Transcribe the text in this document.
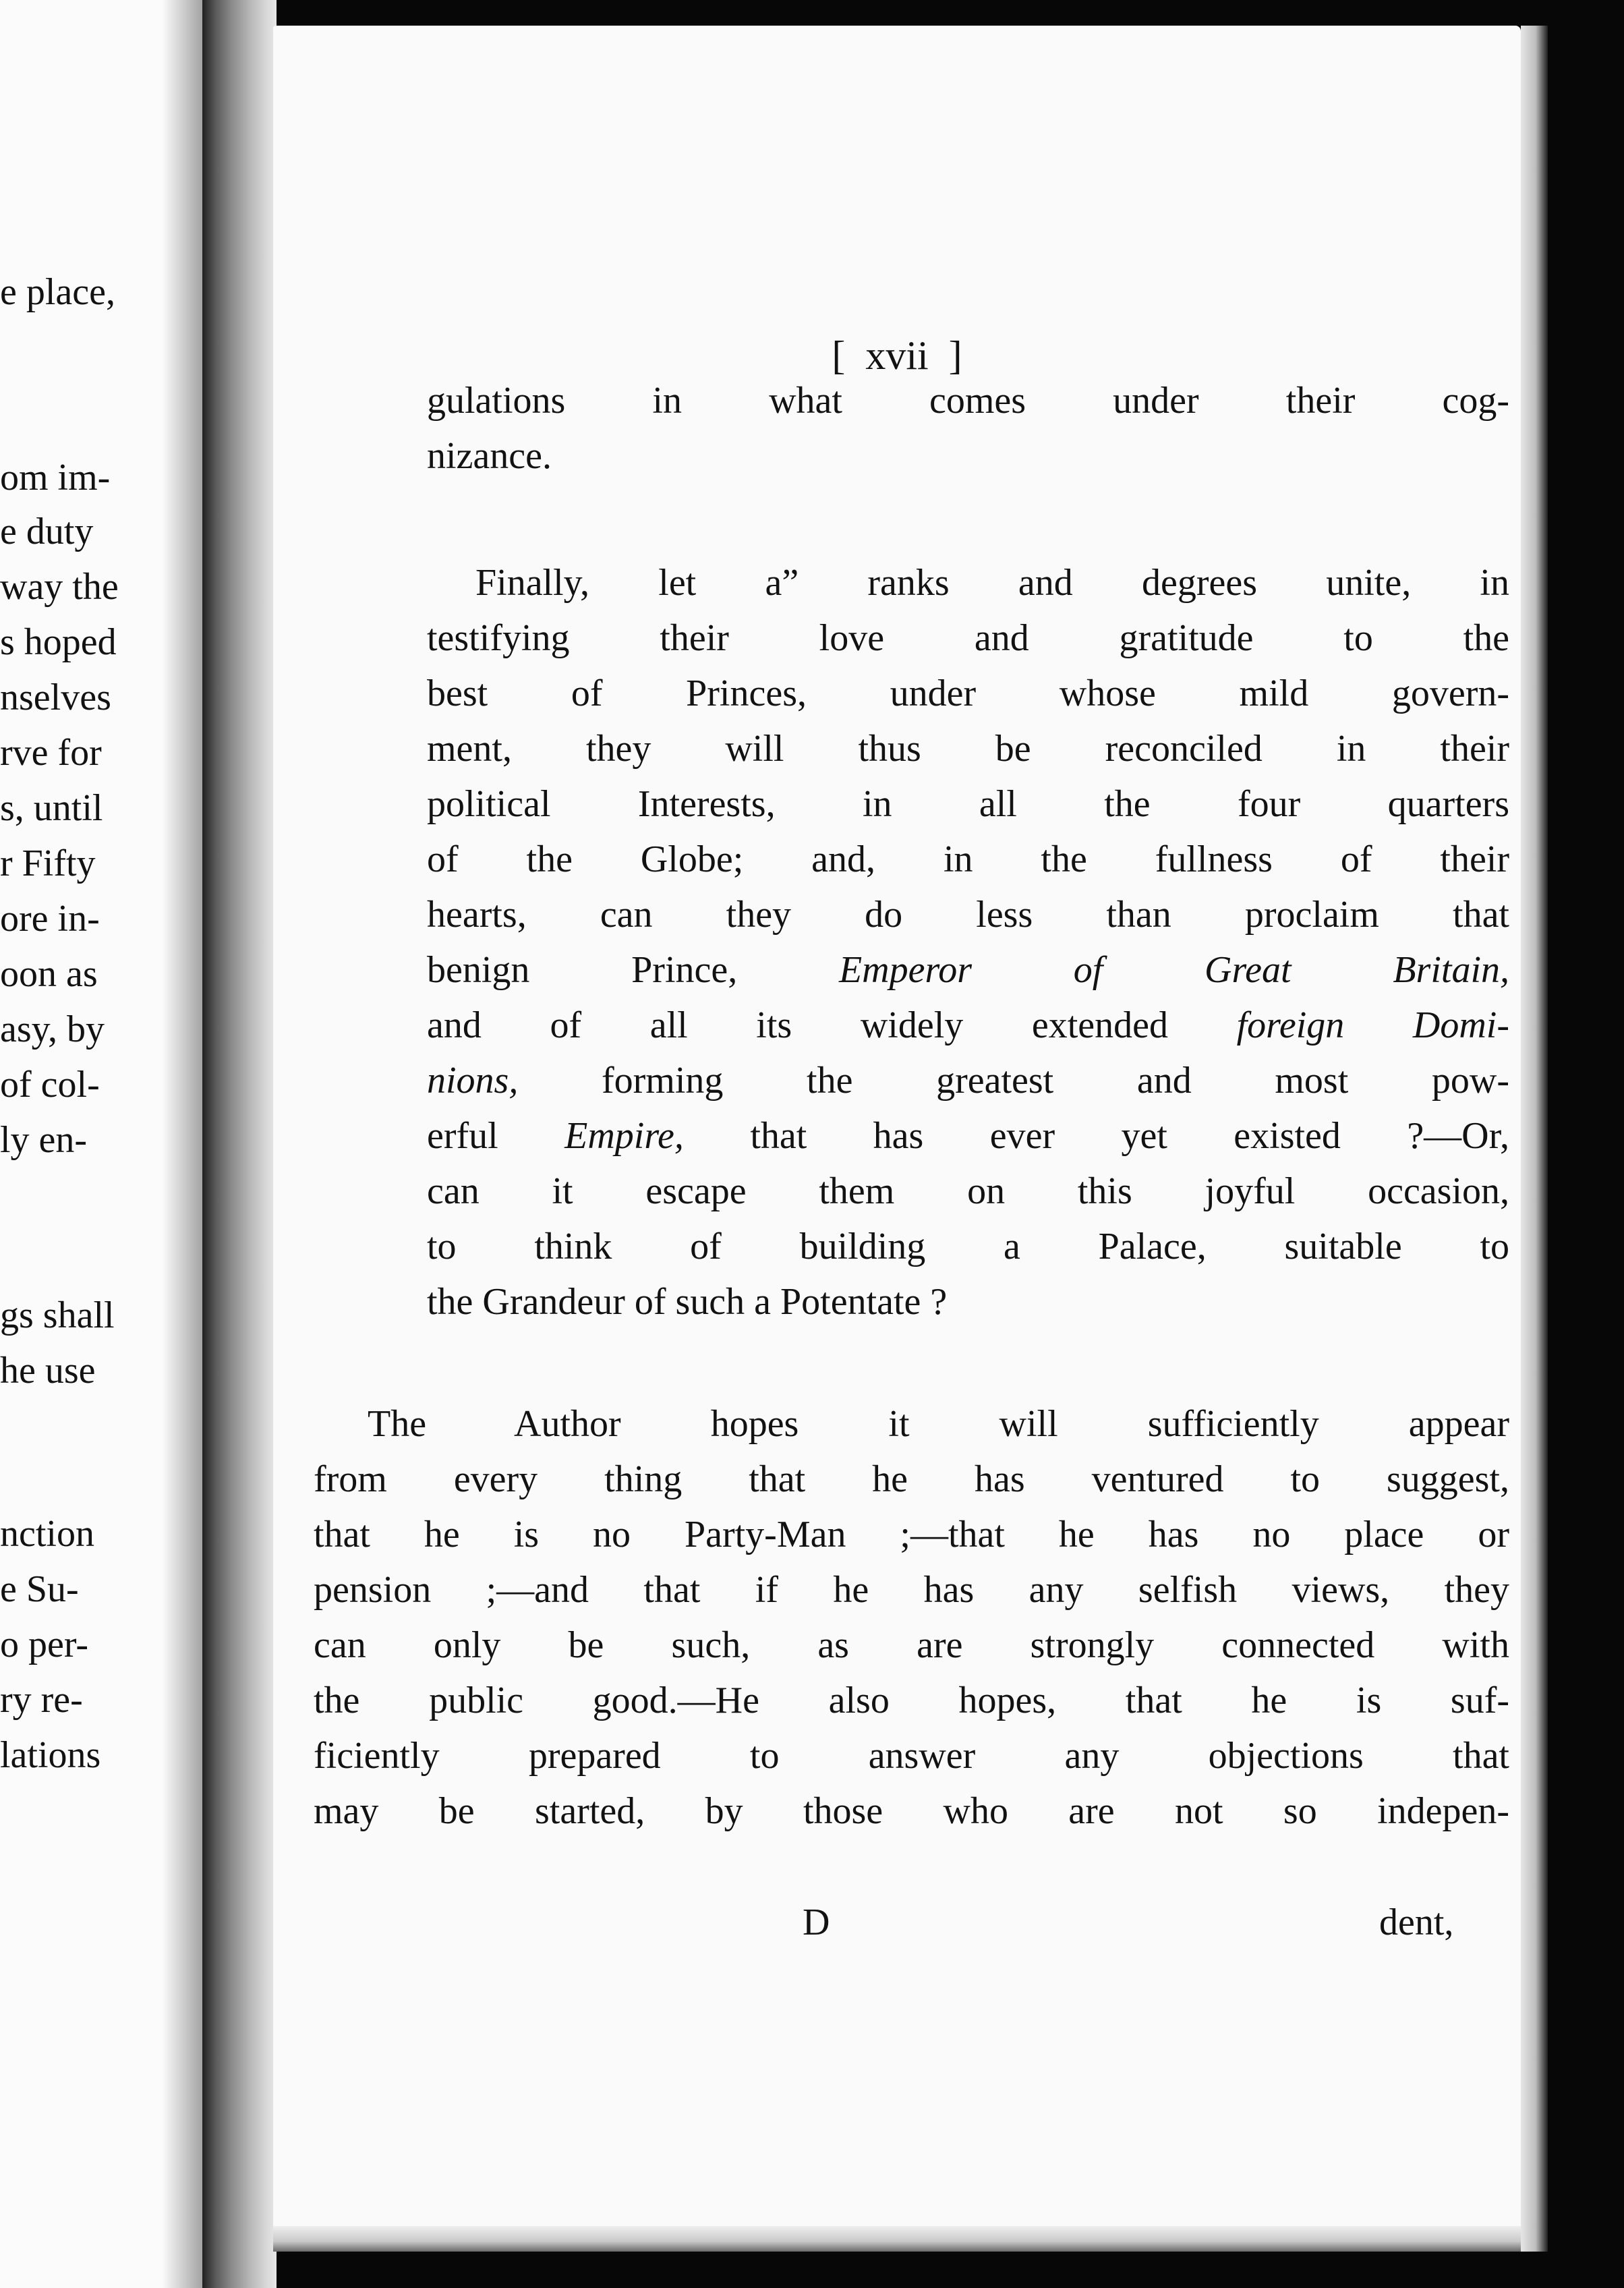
e place,
om im-
e duty
way the
s hoped
nselves
rve for
s, until
r Fifty
ore in-
oon as
asy, by
of col-
ly en-
gs shall
he use
nction
e Su-
o per-
ry re-
lations
[  xvii  ]
gulations in what comes under their cog-
nizance.
Finally, let a” ranks and degrees unite, in
testifying their love and gratitude to the
best of Princes, under whose mild govern-
ment, they will thus be reconciled in their
political Interests, in all the four quarters
of the Globe; and, in the fullness of their
hearts, can they do less than proclaim that
benign Prince,	Emperor of Great Britain,
and of all its widely extended foreign Domi-
nions, forming the greatest and most pow-
erful Empire, that has ever yet existed ?—Or,
can it escape them on this joyful occasion,
to think of building a Palace, suitable to
the Grandeur of such a Potentate ?
The Author hopes it will sufficiently appear
from every thing that he has ventured to suggest,
that he is no Party-Man ;—that he has no place or
pension ;—and that if he has any selfish views, they
can only be such, as are strongly connected with
the public good.—He also hopes, that he is suf-
ficiently prepared to answer any objections that
may be started, by those who are not so indepen-
D	dent,
